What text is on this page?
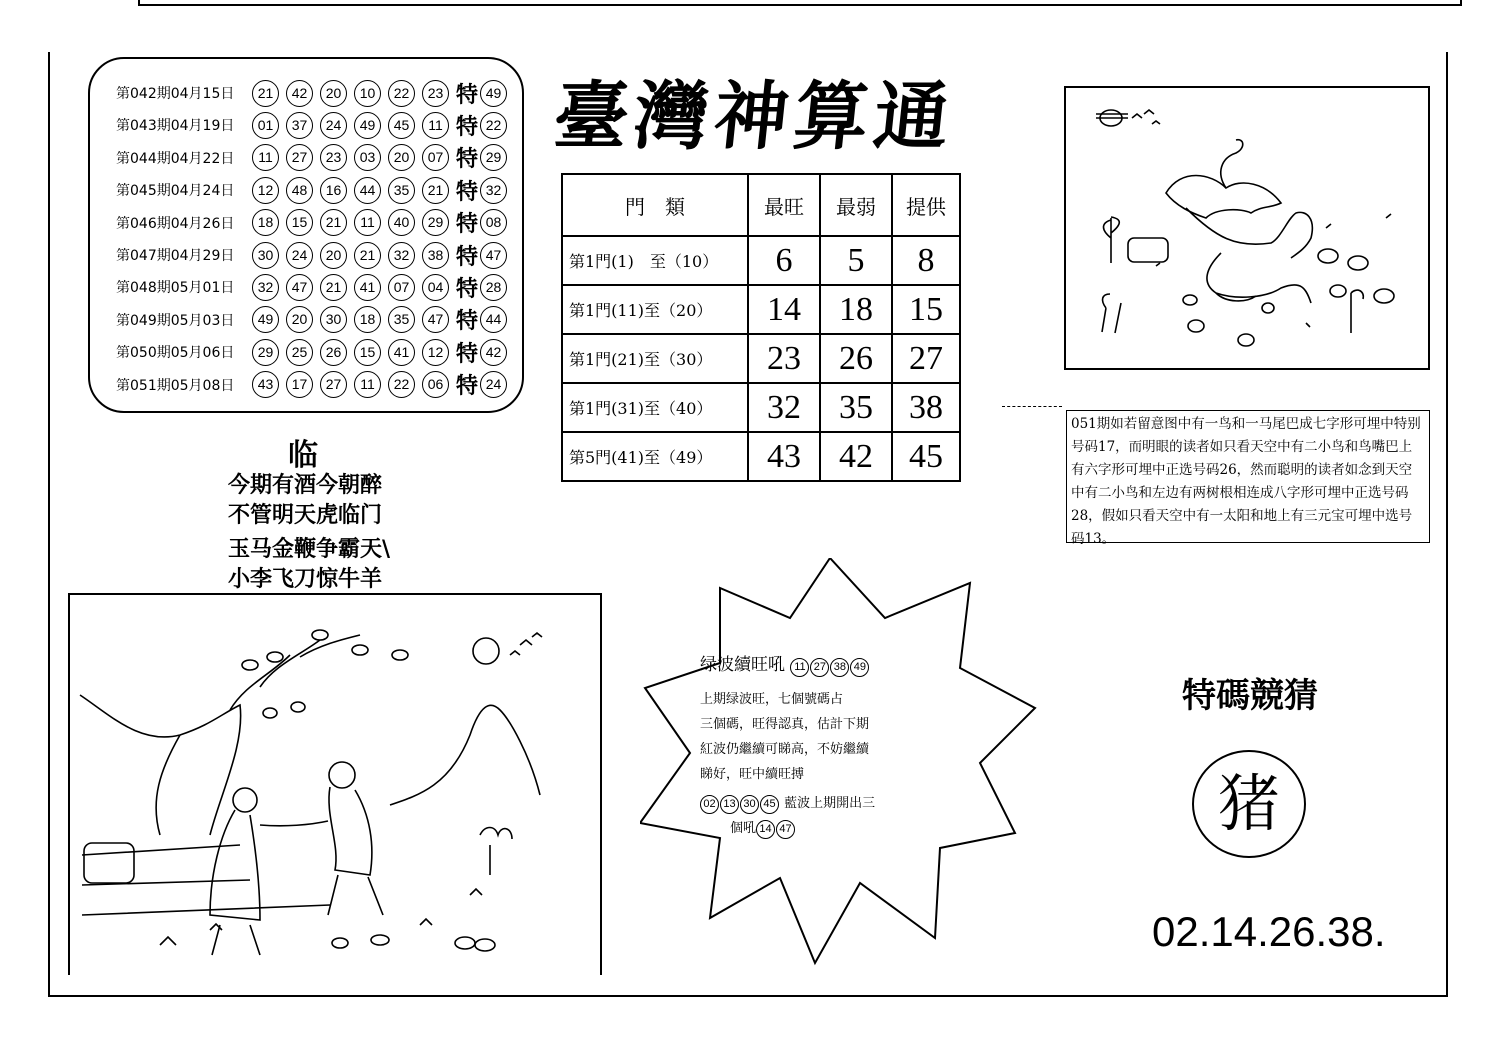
第042期04月15日	21	42	20	10	22	23 特 49
第043期04月19日	01	37	24	49	45	11 特 22
第044期04月22日	11	27	23	03	20	07 特 29
第045期04月24日	12	48	16	44	35	21 特 32
第046期04月26日	18	15	21	11	40	29 特 08
第047期04月29日	30	24	20	21	32	38 特 47
第048期05月01日	32	47	21	41	07	04 特 28
第049期05月03日	49	20	30	18	35	47 特 44
第050期05月06日	29	25	26	15	41	12 特 42
第051期05月08日	43	17	27	11	22	06 特 24
臺灣神算通
門　類	最旺	最弱	提供
第1門(1)　至（10）	6	5	8
第1門(11)至（20）	14	18	15
第1門(21)至（30）	23	26	27
第1門(31)至（40）	32	35	38
第5門(41)至（49）	43	42	45
051期如若留意图中有一鸟和一马尾巴成七字形可埋中特别号码17，而明眼的读者如只看天空中有二小鸟和鸟嘴巴上有六字形可埋中正选号码26，然而聪明的读者如念到天空中有二小鸟和左边有两树根相连成八字形可埋中正选号码28，假如只看天空中有一太阳和地上有三元宝可埋中选号码13。
临
今期有酒今朝醉
不管明天虎临门
玉马金鞭争霸天\
小李飞刀惊牛羊
绿波續旺吼 11 27 38 49
上期绿波旺，七個號碼占
三個碼，旺得認真，估計下期
紅波仍繼續可睇高，不妨繼續
睇好，旺中續旺搏
02 13 30 45 藍波上期開出三
個吼 14 47
特碼競猜
猪
02.14.26.38.
